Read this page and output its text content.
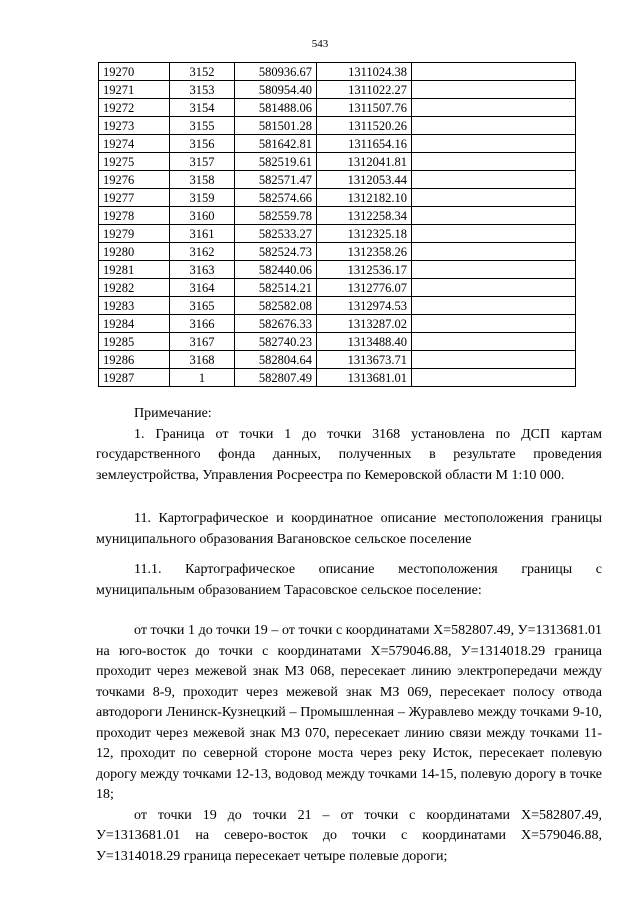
543
19270	3152	580936.67	1311024.38	
19271	3153	580954.40	1311022.27	
19272	3154	581488.06	1311507.76	
19273	3155	581501.28	1311520.26	
19274	3156	581642.81	1311654.16	
19275	3157	582519.61	1312041.81	
19276	3158	582571.47	1312053.44	
19277	3159	582574.66	1312182.10	
19278	3160	582559.78	1312258.34	
19279	3161	582533.27	1312325.18	
19280	3162	582524.73	1312358.26	
19281	3163	582440.06	1312536.17	
19282	3164	582514.21	1312776.07	
19283	3165	582582.08	1312974.53	
19284	3166	582676.33	1313287.02	
19285	3167	582740.23	1313488.40	
19286	3168	582804.64	1313673.71	
19287	1	582807.49	1313681.01	

Примечание:

1. Граница от точки 1 до точки 3168 установлена по ДСП картам государственного фонда данных, полученных в результате проведения землеустройства, Управления Росреестра по Кемеровской области М 1:10 000.

11. Картографическое и координатное описание местоположения границы муниципального образования Ваганoвское сельское поселение

11.1. Картографическое описание местоположения границы с муниципальным образованием Тарасовское сельское поселение:

от точки 1 до точки 19 – от точки с координатами X=582807.49, У=1313681.01 на юго-восток до точки с координатами X=579046.88, У=1314018.29 граница проходит через межевой знак МЗ 068, пересекает линию электропередачи между точками 8-9, проходит через межевой знак МЗ 069, пересекает полосу отвода автодороги Ленинск-Кузнецкий – Промышленная – Журавлево между точками 9-10, проходит через межевой знак МЗ 070, пересекает линию связи между точками 11-12, проходит по северной стороне моста через реку Исток, пересекает полевую дорогу между точками 12-13, водовод между точками 14-15, полевую дорогу в точке 18;

от точки 19 до точки 21 – от точки с координатами X=582807.49, У=1313681.01 на северо-восток до точки с координатами X=579046.88, У=1314018.29 граница пересекает четыре полевые дороги;
